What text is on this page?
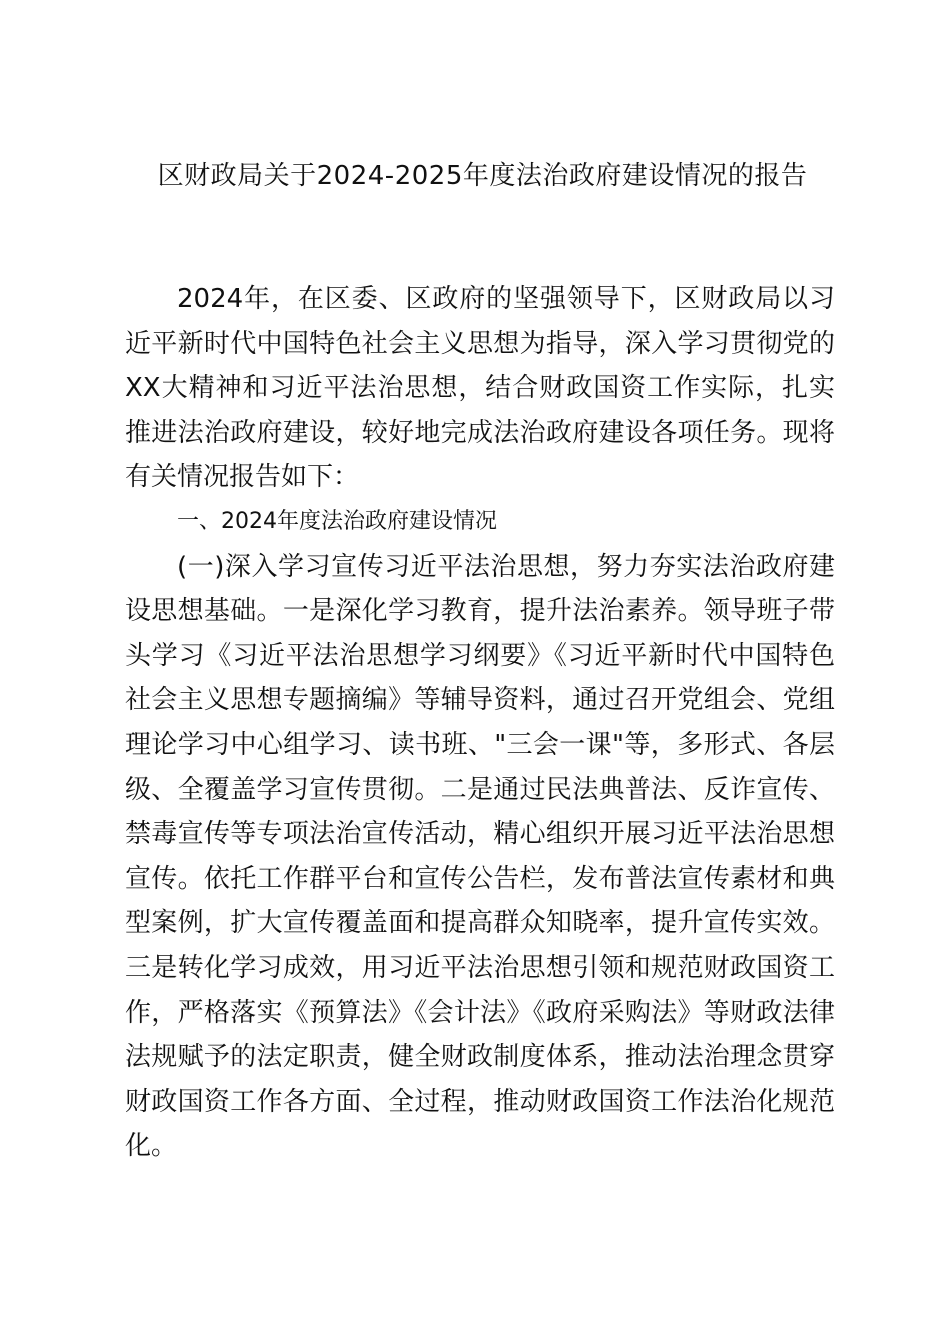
区财政局关于2024-2025年度法治政府建设情况的报告

2024年，在区委、区政府的坚强领导下，区财政局以习近平新时代中国特色社会主义思想为指导，深入学习贯彻党的XX大精神和习近平法治思想，结合财政国资工作实际，扎实推进法治政府建设，较好地完成法治政府建设各项任务。现将有关情况报告如下：

一、2024年度法治政府建设情况

(一)深入学习宣传习近平法治思想，努力夯实法治政府建设思想基础。一是深化学习教育，提升法治素养。领导班子带头学习《习近平法治思想学习纲要》《习近平新时代中国特色社会主义思想专题摘编》等辅导资料，通过召开党组会、党组理论学习中心组学习、读书班、"三会一课"等，多形式、各层级、全覆盖学习宣传贯彻。二是通过民法典普法、反诈宣传、禁毒宣传等专项法治宣传活动，精心组织开展习近平法治思想宣传。依托工作群平台和宣传公告栏，发布普法宣传素材和典型案例，扩大宣传覆盖面和提高群众知晓率，提升宣传实效。三是转化学习成效，用习近平法治思想引领和规范财政国资工作，严格落实《预算法》《会计法》《政府采购法》等财政法律法规赋予的法定职责，健全财政制度体系，推动法治理念贯穿财政国资工作各方面、全过程，推动财政国资工作法治化规范化。
